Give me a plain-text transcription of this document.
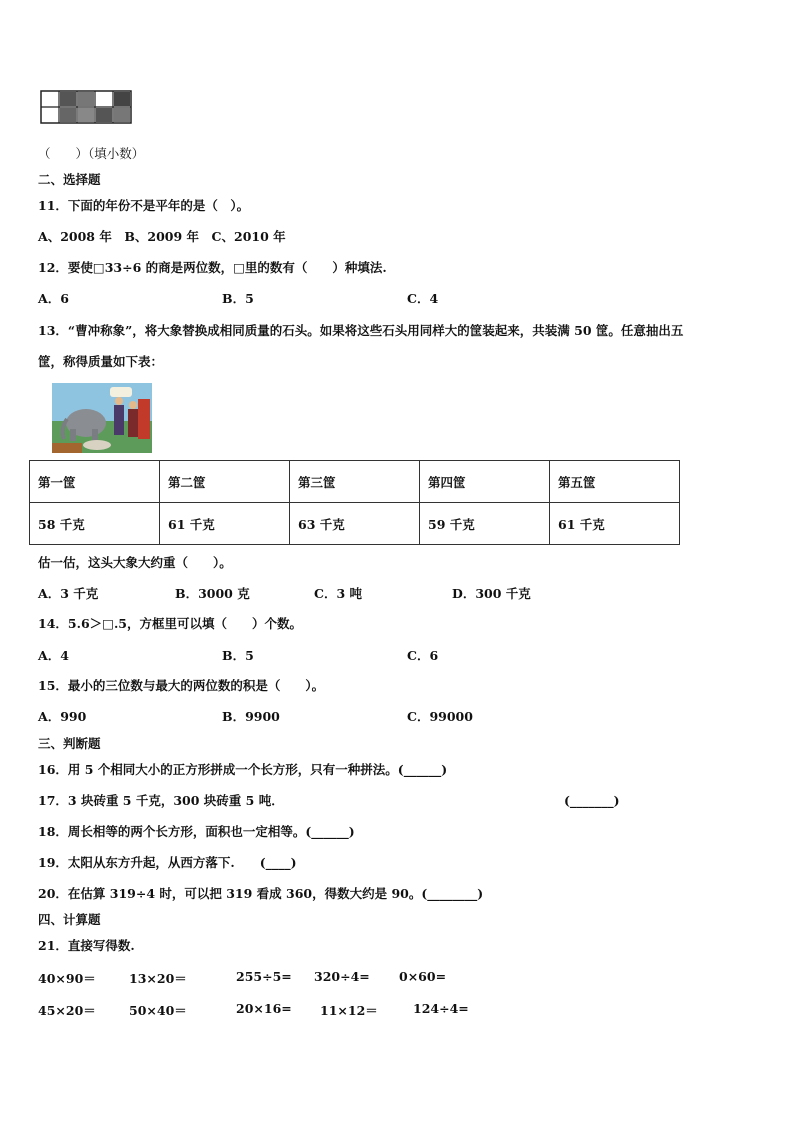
（　　）（填小数）
二、选择题
11．下面的年份不是平年的是（　）。
A、2008 年　B、2009 年　C、2010 年
12．要使□33÷6 的商是两位数，□里的数有（　　）种填法.
A．6	B．5	C．4
13．“曹冲称象”，将大象替换成相同质量的石头。如果将这些石头用同样大的筐装起来，共装满 50 筐。任意抽出五
筐，称得质量如下表：
第一筐	第二筐	第三筐	第四筐	第五筐
58 千克	61 千克	63 千克	59 千克	61 千克
估一估，这头大象大约重（　　）。
A．3 千克	B．3000 克	C．3 吨	D．300 千克
14．5.6＞□.5，方框里可以填（　　）个数。
A．4	B．5	C．6
15．最小的三位数与最大的两位数的积是（　　）。
A．990	B．9900	C．99000
三、判断题
16．用 5 个相同大小的正方形拼成一个长方形，只有一种拼法。(______)
17．3 块砖重 5 千克，300 块砖重 5 吨．	(_______)
18．周长相等的两个长方形，面积也一定相等。(______)
19．太阳从东方升起，从西方落下.　　(____)
20．在估算 319÷4 时，可以把 319 看成 360，得数大约是 90。(________)
四、计算题
21．直接写得数.
40×90＝	13×20＝	255÷5= 320÷4= 0×60=
45×20＝	50×40＝	20×16= 11×12＝	124÷4=
